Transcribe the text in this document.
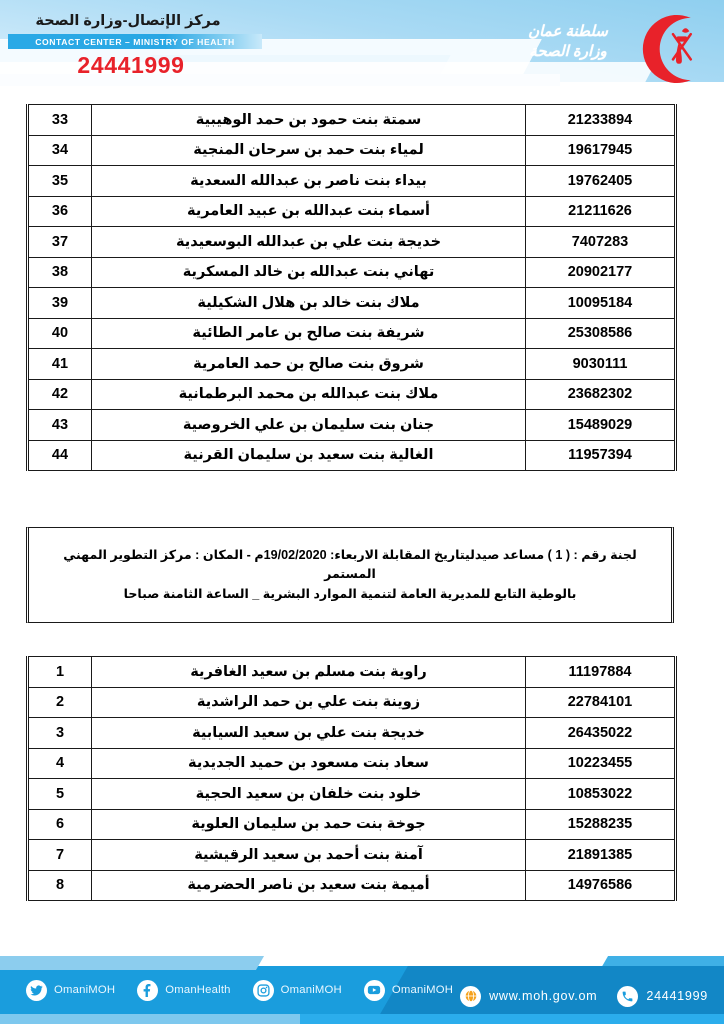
مركز الإتصال-وزارة الصحة
CONTACT CENTER – MINISTRY OF HEALTH
24441999
سلطنة عمان
وزارة الصحة
21233894	سمتة بنت حمود بن حمد الوهيبية	33
19617945	لمياء بنت حمد بن سرحان المنجية	34
19762405	بيداء بنت ناصر بن عبدالله السعدية	35
21211626	أسماء بنت عبدالله بن عبيد العامرية	36
7407283	خديجة بنت علي بن عبدالله البوسعيدية	37
20902177	تهاني بنت عبدالله بن خالد المسكرية	38
10095184	ملاك بنت خالد بن هلال الشكيلية	39
25308586	شريفة بنت صالح بن عامر الطائية	40
9030111	شروق بنت صالح بن حمد العامرية	41
23682302	ملاك بنت عبدالله بن محمد البرطمانية	42
15489029	جنان بنت سليمان بن علي الخروصية	43
11957394	الغالية بنت سعيد بن سليمان القرنية	44
لجنة رقم : ( 1 ) مساعد صيدليتاريخ المقابلة الاربعاء: 19/02/2020م - المكان : مركز التطوير المهني المستمر
بالوطية التابع للمديرية العامة لتنمية الموارد البشرية _ الساعة الثامنة صباحا
11197884	راوية بنت مسلم بن سعيد الغافرية	1
22784101	زوينة بنت علي بن حمد الراشدية	2
26435022	خديجة بنت علي بن سعيد السيابية	3
10223455	سعاد بنت مسعود بن حميد الجديدية	4
10853022	خلود بنت خلفان بن سعيد الحجية	5
15288235	جوخة بنت حمد بن سليمان العلوية	6
21891385	آمنة بنت أحمد بن سعيد الرقيشية	7
14976586	أميمة بنت سعيد بن ناصر الحضرمية	8
OmaniMOH	OmanHealth	OmaniMOH	OmaniMOH	www.moh.gov.om	24441999
